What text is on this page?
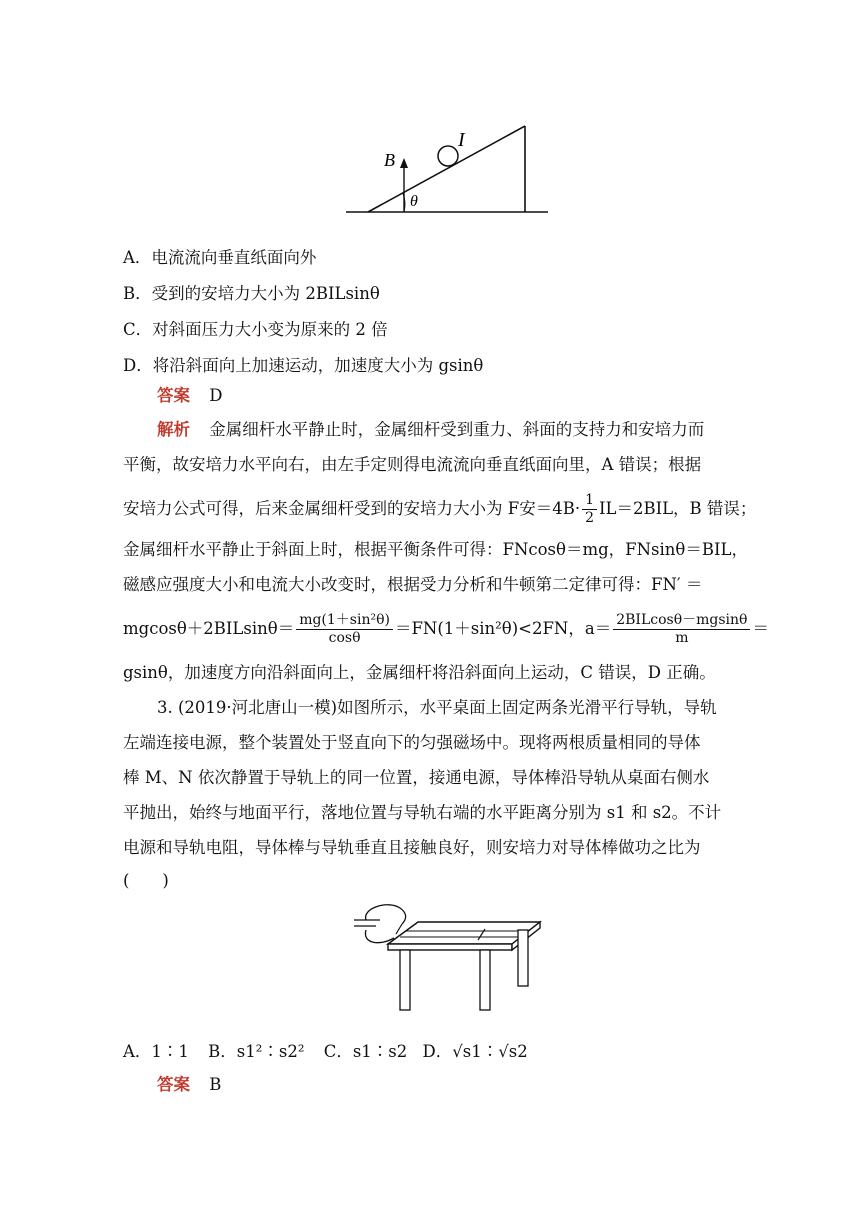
B
I
θ
A．电流流向垂直纸面向外
B．受到的安培力大小为 2BILsinθ
C．对斜面压力大小变为原来的 2 倍
D．将沿斜面向上加速运动，加速度大小为 gsinθ
答案 D
解析 金属细杆水平静止时，金属细杆受到重力、斜面的支持力和安培力而
平衡，故安培力水平向右，由左手定则得电流流向垂直纸面向里，A 错误；根据
安培力公式可得，后来金属细杆受到的安培力大小为 F安$=4B\cdot \frac{1}{2} IL=2BIL$，B 错误；
金属细杆水平静止于斜面上时，根据平衡条件可得：FNcosθ＝mg，FNsinθ＝BIL，
磁感应强度大小和电流大小改变时，根据受力分析和牛顿第二定律可得：FN′ ＝
$mgcos\theta+2BILsin\theta= \frac{\text{mg(1＋sin²θ)}}{\cos\theta} =FN(1+\sin^2\theta)<2FN$，$a= \frac{\text{2BILcosθ－mgsinθ}}{m}$ ＝
gsinθ，加速度方向沿斜面向上，金属细杆将沿斜面向上运动，C 错误，D 正确。
3. (2019·河北唐山一模)如图所示，水平桌面上固定两条光滑平行导轨，导轨
左端连接电源，整个装置处于竖直向下的匀强磁场中。现将两根质量相同的导体
棒 M、N 依次静置于导轨上的同一位置，接通电源，导体棒沿导轨从桌面右侧水
平抛出，始终与地面平行，落地位置与导轨右端的水平距离分别为 s1 和 s2。不计
电源和导轨电阻，导体棒与导轨垂直且接触良好，则安培力对导体棒做功之比为
(　　)
A．1∶1 B．s1²∶s2² C．s1∶s2 D．√s1∶√s2
答案 B
